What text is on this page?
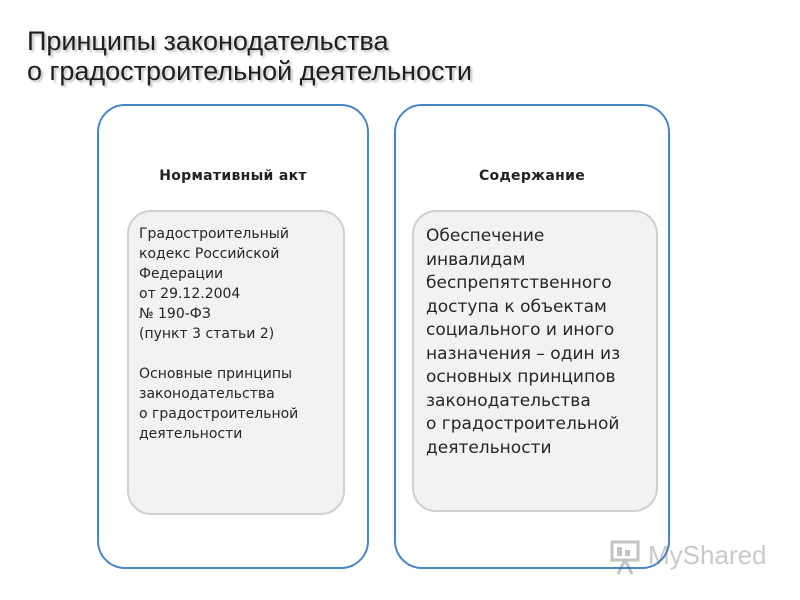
Принципы законодательства
о градостроительной деятельности
Нормативный акт
Градостроительный
кодекс Российской
Федерации
от 29.12.2004
№ 190-ФЗ
(пункт 3 статьи 2)
Основные принципы
законодательства
о градостроительной
деятельности
Содержание
Обеспечение
инвалидам
беспрепятственного
доступа к объектам
социального и иного
назначения – один из
основных принципов
законодательства
о градостроительной
деятельности
MyShared
